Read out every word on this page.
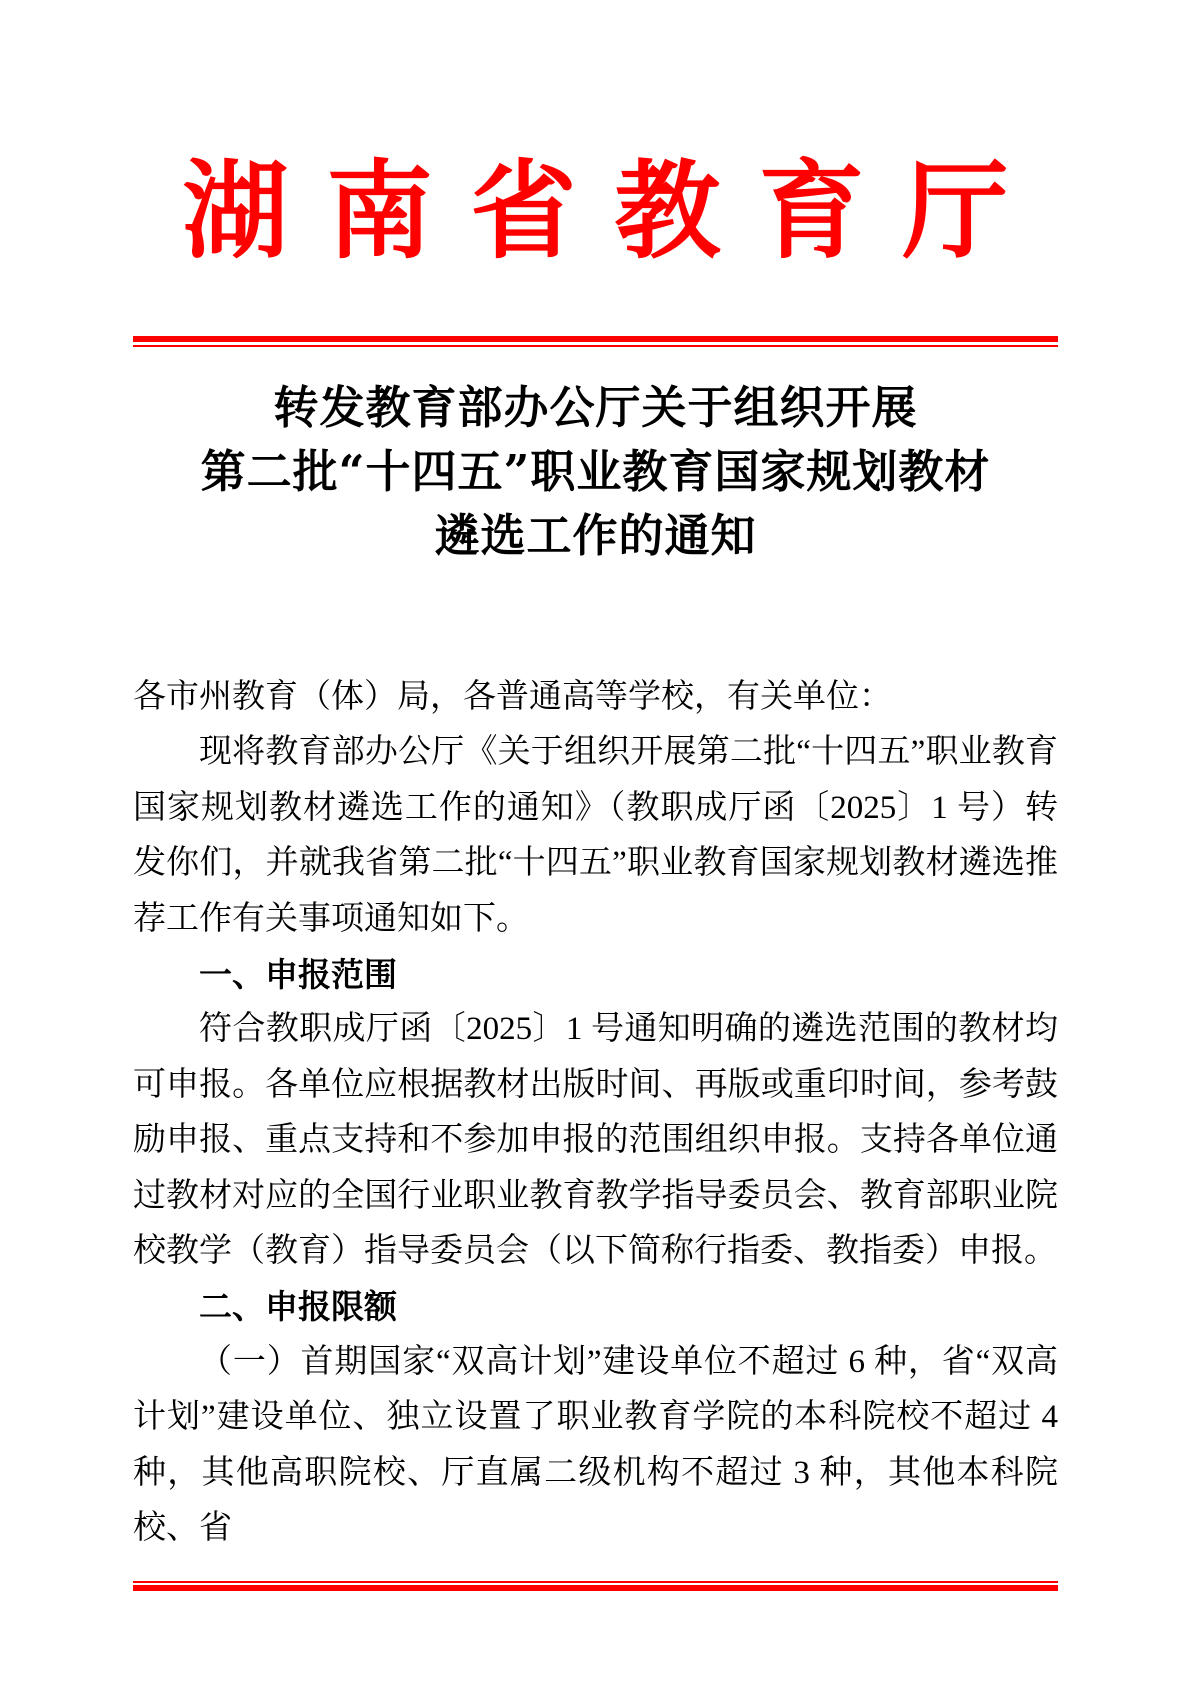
湖南省教育厅
转发教育部办公厅关于组织开展
第二批“十四五”职业教育国家规划教材
遴选工作的通知

各市州教育（体）局，各普通高等学校，有关单位：

现将教育部办公厅《关于组织开展第二批“十四五”职业教育国家规划教材遴选工作的通知》（教职成厅函〔2025〕1 号）转发你们，并就我省第二批“十四五”职业教育国家规划教材遴选推荐工作有关事项通知如下。

一、申报范围

符合教职成厅函〔2025〕1 号通知明确的遴选范围的教材均可申报。各单位应根据教材出版时间、再版或重印时间，参考鼓励申报、重点支持和不参加申报的范围组织申报。支持各单位通过教材对应的全国行业职业教育教学指导委员会、教育部职业院校教学（教育）指导委员会（以下简称行指委、教指委）申报。

二、申报限额

（一）首期国家“双高计划”建设单位不超过 6 种，省“双高计划”建设单位、独立设置了职业教育学院的本科院校不超过 4 种，其他高职院校、厅直属二级机构不超过 3 种，其他本科院校、省
